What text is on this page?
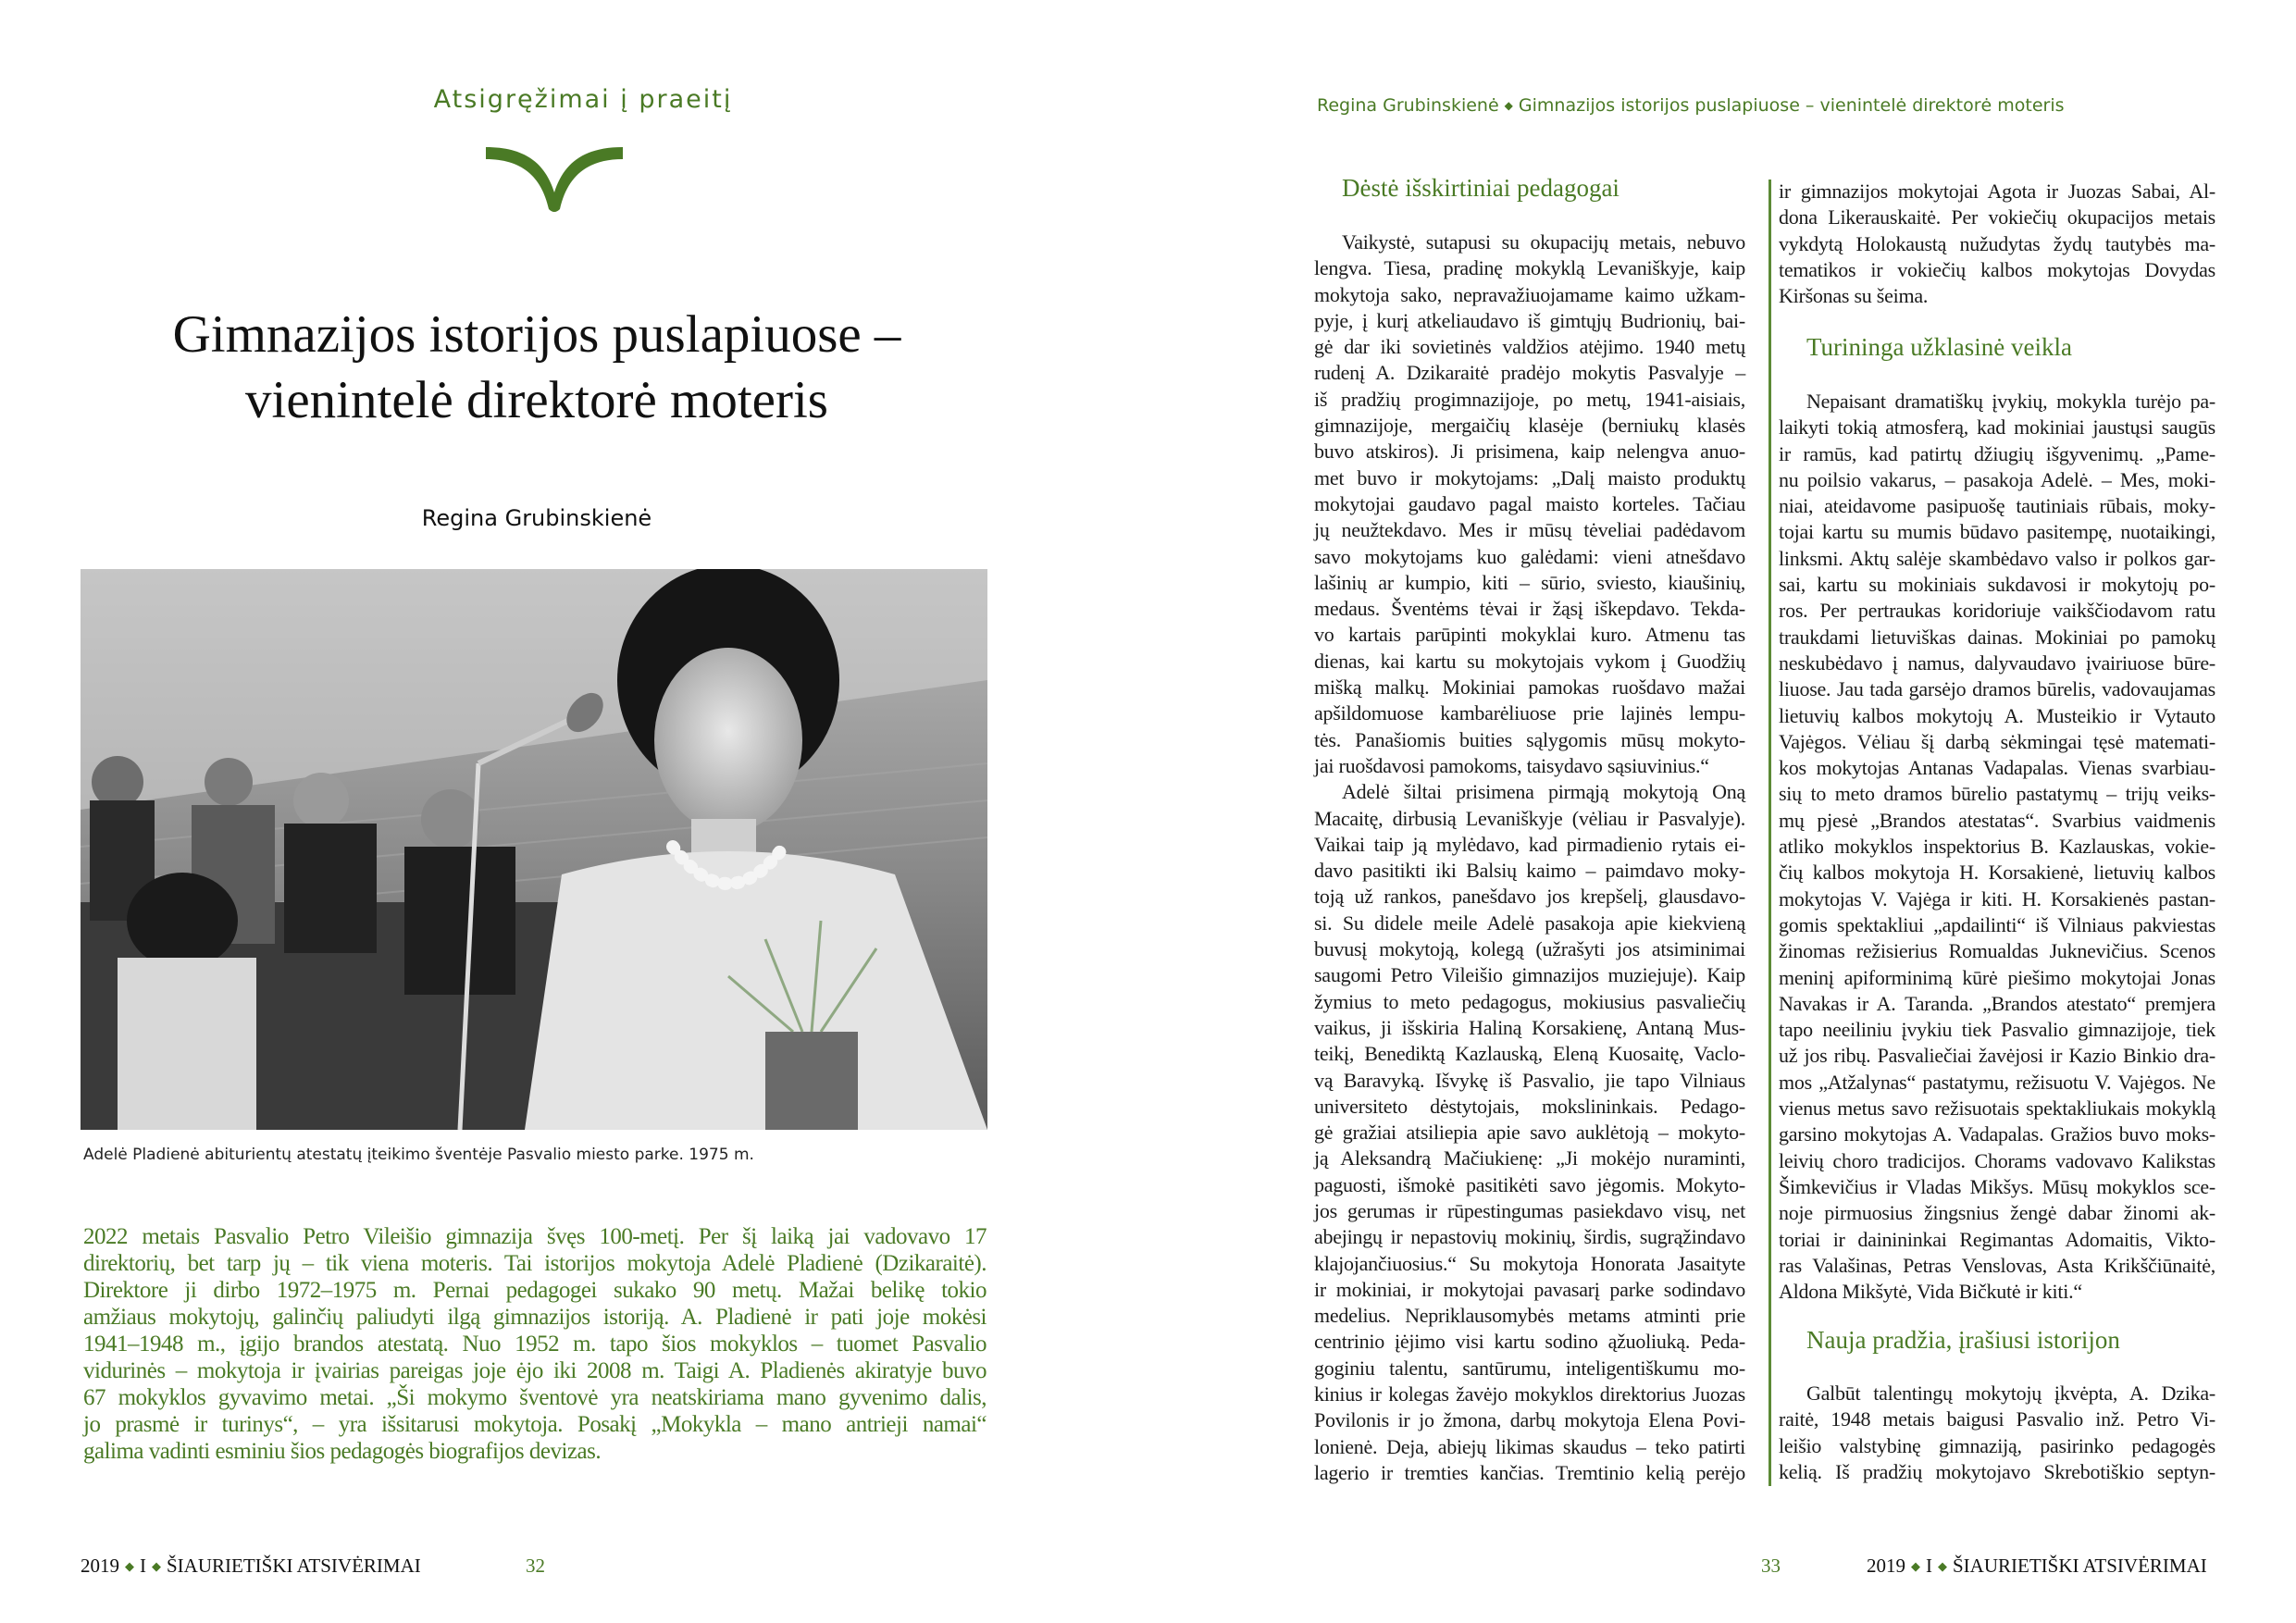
Atsigręžimai į praeitį
Gimnazijos istorijos puslapiuose –
vienintelė direktorė moteris
Regina Grubinskienė
Adelė Pladienė abiturientų atestatų įteikimo šventėje Pasvalio miesto parke. 1975 m.
2022 metais Pasvalio Petro Vileišio gimnazija švęs 100-metį. Per šį laiką jai vadovavo 17
direktorių, bet tarp jų – tik viena moteris. Tai istorijos mokytoja Adelė Pladienė (Dzikaraitė).
Direktore ji dirbo 1972–1975 m. Pernai pedagogei sukako 90 metų. Mažai belikę tokio
amžiaus mokytojų, galinčių paliudyti ilgą gimnazijos istoriją. A. Pladienė ir pati joje mokėsi
1941–1948 m., įgijo brandos atestatą. Nuo 1952 m. tapo šios mokyklos – tuomet Pasvalio
vidurinės – mokytoja ir įvairias pareigas joje ėjo iki 2008 m. Taigi A. Pladienės akiratyje buvo
67 mokyklos gyvavimo metai. „Ši mokymo šventovė yra neatskiriama mano gyvenimo dalis,
jo prasmė ir turinys“, – yra išsitarusi mokytoja. Posakį „Mokykla – mano antrieji namai“
galima vadinti esminiu šios pedagogės biografijos devizas.
2019 ◆ I ◆ ŠIAURIETIŠKI ATSIVĖRIMAI	32
Regina Grubinskienė ◆ Gimnazijos istorijos puslapiuose – vienintelė direktorė moteris
Dėstė išskirtiniai pedagogai
Vaikystė, sutapusi su okupacijų metais, nebuvo
lengva. Tiesa, pradinę mokyklą Levaniškyje, kaip
mokytoja sako, nepravažiuojamame kaimo užkam-
pyje, į kurį atkeliaudavo iš gimtųjų Budrionių, bai-
gė dar iki sovietinės valdžios atėjimo. 1940 metų
rudenį A. Dzikaraitė pradėjo mokytis Pasvalyje –
iš pradžių progimnazijoje, po metų, 1941-aisiais,
gimnazijoje, mergaičių klasėje (berniukų klasės
buvo atskiros). Ji prisimena, kaip nelengva anuo-
met buvo ir mokytojams: „Dalį maisto produktų
mokytojai gaudavo pagal maisto korteles. Tačiau
jų neužtekdavo. Mes ir mūsų tėveliai padėdavom
savo mokytojams kuo galėdami: vieni atnešdavo
lašinių ar kumpio, kiti – sūrio, sviesto, kiaušinių,
medaus. Šventėms tėvai ir žąsį iškepdavo. Tekda-
vo kartais parūpinti mokyklai kuro. Atmenu tas
dienas, kai kartu su mokytojais vykom į Guodžių
mišką malkų. Mokiniai pamokas ruošdavo mažai
apšildomuose kambarėliuose prie lajinės lempu-
tės. Panašiomis buities sąlygomis mūsų mokyto-
jai ruošdavosi pamokoms, taisydavo sąsiuvinius.“
Adelė šiltai prisimena pirmąją mokytoją Oną
Macaitę, dirbusią Levaniškyje (vėliau ir Pasvalyje).
Vaikai taip ją mylėdavo, kad pirmadienio rytais ei-
davo pasitikti iki Balsių kaimo – paimdavo moky-
toją už rankos, panešdavo jos krepšelį, glausdavo-
si. Su didele meile Adelė pasakoja apie kiekvieną
buvusį mokytoją, kolegą (užrašyti jos atsiminimai
saugomi Petro Vileišio gimnazijos muziejuje). Kaip
žymius to meto pedagogus, mokiusius pasvaliečių
vaikus, ji išskiria Haliną Korsakienę, Antaną Mus-
teikį, Benediktą Kazlauską, Eleną Kuosaitę, Vaclo-
vą Baravyką. Išvykę iš Pasvalio, jie tapo Vilniaus
universiteto dėstytojais, mokslininkais. Pedago-
gė gražiai atsiliepia apie savo auklėtoją – mokyto-
ją Aleksandrą Mačiukienę: „Ji mokėjo nuraminti,
paguosti, išmokė pasitikėti savo jėgomis. Mokyto-
jos gerumas ir rūpestingumas pasiekdavo visų, net
abejingų ir nepastovių mokinių, širdis, sugrąžindavo
klajojančiuosius.“ Su mokytoja Honorata Jasaityte
ir mokiniai, ir mokytojai pavasarį parke sodindavo
medelius. Nepriklausomybės metams atminti prie
centrinio įėjimo visi kartu sodino ąžuoliuką. Peda-
goginiu talentu, santūrumu, inteligentiškumu mo-
kinius ir kolegas žavėjo mokyklos direktorius Juozas
Povilonis ir jo žmona, darbų mokytoja Elena Povi-
lonienė. Deja, abiejų likimas skaudus – teko patirti
lagerio ir tremties kančias. Tremtinio kelią perėjo
ir gimnazijos mokytojai Agota ir Juozas Sabai, Al-
dona Likerauskaitė. Per vokiečių okupacijos metais
vykdytą Holokaustą nužudytas žydų tautybės ma-
tematikos ir vokiečių kalbos mokytojas Dovydas
Kiršonas su šeima.
Turininga užklasinė veikla
Nepaisant dramatiškų įvykių, mokykla turėjo pa-
laikyti tokią atmosferą, kad mokiniai jaustųsi saugūs
ir ramūs, kad patirtų džiugių išgyvenimų. „Pame-
nu poilsio vakarus, – pasakoja Adelė. – Mes, moki-
niai, ateidavome pasipuošę tautiniais rūbais, moky-
tojai kartu su mumis būdavo pasitempę, nuotaikingi,
linksmi. Aktų salėje skambėdavo valso ir polkos gar-
sai, kartu su mokiniais sukdavosi ir mokytojų po-
ros. Per pertraukas koridoriuje vaikščiodavom ratu
traukdami lietuviškas dainas. Mokiniai po pamokų
neskubėdavo į namus, dalyvaudavo įvairiuose būre-
liuose. Jau tada garsėjo dramos būrelis, vadovaujamas
lietuvių kalbos mokytojų A. Musteikio ir Vytauto
Vajėgos. Vėliau šį darbą sėkmingai tęsė matemati-
kos mokytojas Antanas Vadapalas. Vienas svarbiau-
sių to meto dramos būrelio pastatymų – trijų veiks-
mų pjesė „Brandos atestatas“. Svarbius vaidmenis
atliko mokyklos inspektorius B. Kazlauskas, vokie-
čių kalbos mokytoja H. Korsakienė, lietuvių kalbos
mokytojas V. Vajėga ir kiti. H. Korsakienės pastan-
gomis spektakliui „apdailinti“ iš Vilniaus pakviestas
žinomas režisierius Romualdas Juknevičius. Scenos
meninį apiforminimą kūrė piešimo mokytojai Jonas
Navakas ir A. Taranda. „Brandos atestato“ premjera
tapo neeiliniu įvykiu tiek Pasvalio gimnazijoje, tiek
už jos ribų. Pasvaliečiai žavėjosi ir Kazio Binkio dra-
mos „Atžalynas“ pastatymu, režisuotu V. Vajėgos. Ne
vienus metus savo režisuotais spektakliukais mokyklą
garsino mokytojas A. Vadapalas. Gražios buvo moks-
leivių choro tradicijos. Chorams vadovavo Kalikstas
Šimkevičius ir Vladas Mikšys. Mūsų mokyklos sce-
noje pirmuosius žingsnius žengė dabar žinomi ak-
toriai ir dainininkai Regimantas Adomaitis, Vikto-
ras Valašinas, Petras Venslovas, Asta Krikščiūnaitė,
Aldona Mikšytė, Vida Bičkutė ir kiti.“
Nauja pradžia, įrašiusi istorijon
Galbūt talentingų mokytojų įkvėpta, A. Dzika-
raitė, 1948 metais baigusi Pasvalio inž. Petro Vi-
leišio valstybinę gimnaziją, pasirinko pedagogės
kelią. Iš pradžių mokytojavo Skrebotiškio septyn-
33	2019 ◆ I ◆ ŠIAURIETIŠKI ATSIVĖRIMAI
